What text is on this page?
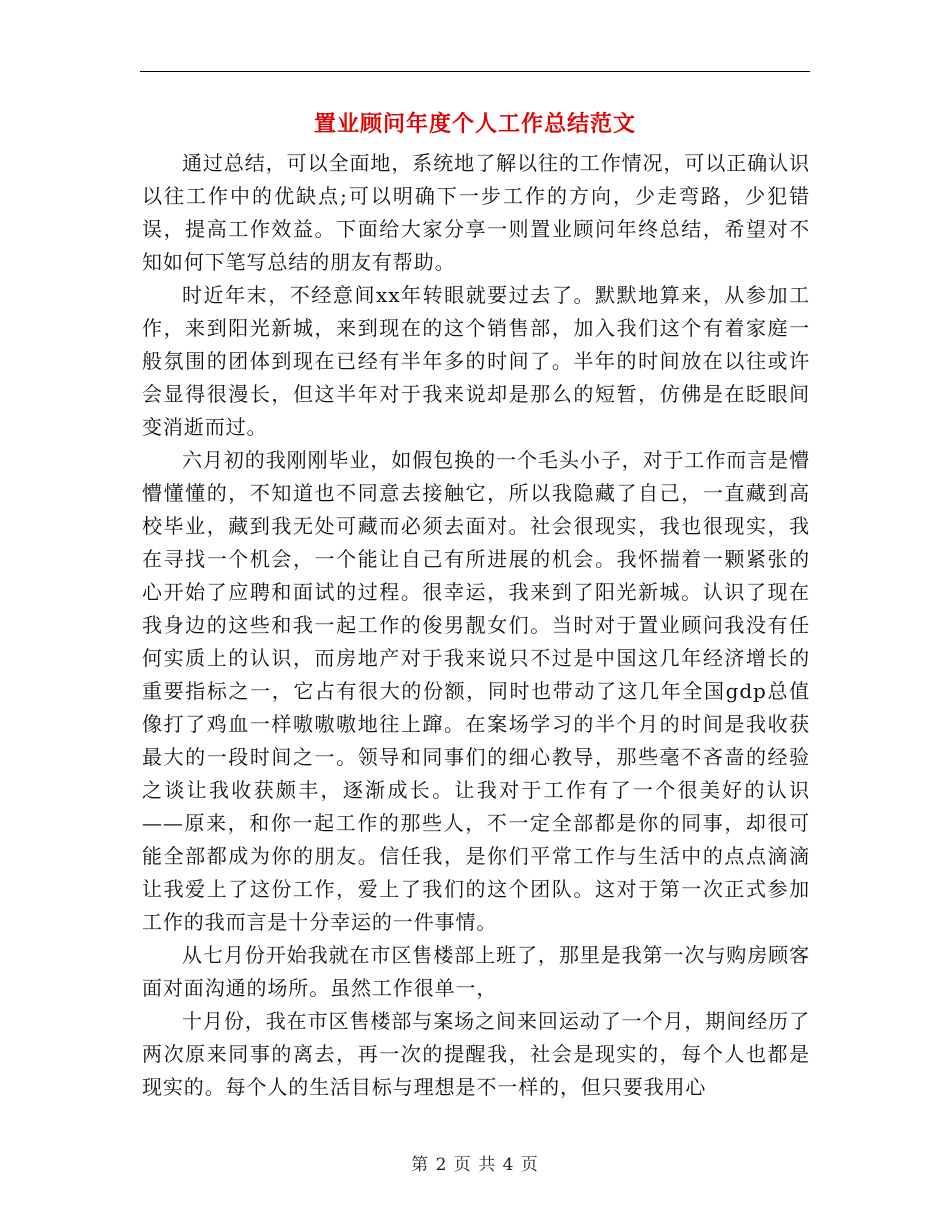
置业顾问年度个人工作总结范文

通过总结，可以全面地，系统地了解以往的工作情况，可以正确认识以往工作中的优缺点;可以明确下一步工作的方向，少走弯路，少犯错误，提高工作效益。下面给大家分享一则置业顾问年终总结，希望对不知如何下笔写总结的朋友有帮助。

时近年末，不经意间xx年转眼就要过去了。默默地算来，从参加工作，来到阳光新城，来到现在的这个销售部，加入我们这个有着家庭一般氛围的团体到现在已经有半年多的时间了。半年的时间放在以往或许会显得很漫长，但这半年对于我来说却是那么的短暂，仿佛是在眨眼间变消逝而过。

六月初的我刚刚毕业，如假包换的一个毛头小子，对于工作而言是懵懵懂懂的，不知道也不同意去接触它，所以我隐藏了自己，一直藏到高校毕业，藏到我无处可藏而必须去面对。社会很现实，我也很现实，我在寻找一个机会，一个能让自己有所进展的机会。我怀揣着一颗紧张的心开始了应聘和面试的过程。很幸运，我来到了阳光新城。认识了现在我身边的这些和我一起工作的俊男靓女们。当时对于置业顾问我没有任何实质上的认识，而房地产对于我来说只不过是中国这几年经济增长的重要指标之一，它占有很大的份额，同时也带动了这几年全国gdp总值像打了鸡血一样嗷嗷嗷地往上蹿。在案场学习的半个月的时间是我收获最大的一段时间之一。领导和同事们的细心教导，那些毫不吝啬的经验之谈让我收获颇丰，逐渐成长。让我对于工作有了一个很美好的认识——原来，和你一起工作的那些人，不一定全部都是你的同事，却很可能全部都成为你的朋友。信任我，是你们平常工作与生活中的点点滴滴让我爱上了这份工作，爱上了我们的这个团队。这对于第一次正式参加工作的我而言是十分幸运的一件事情。

从七月份开始我就在市区售楼部上班了，那里是我第一次与购房顾客面对面沟通的场所。虽然工作很单一，

十月份，我在市区售楼部与案场之间来回运动了一个月，期间经历了两次原来同事的离去，再一次的提醒我，社会是现实的，每个人也都是现实的。每个人的生活目标与理想是不一样的，但只要我用心

第 2 页 共 4 页
